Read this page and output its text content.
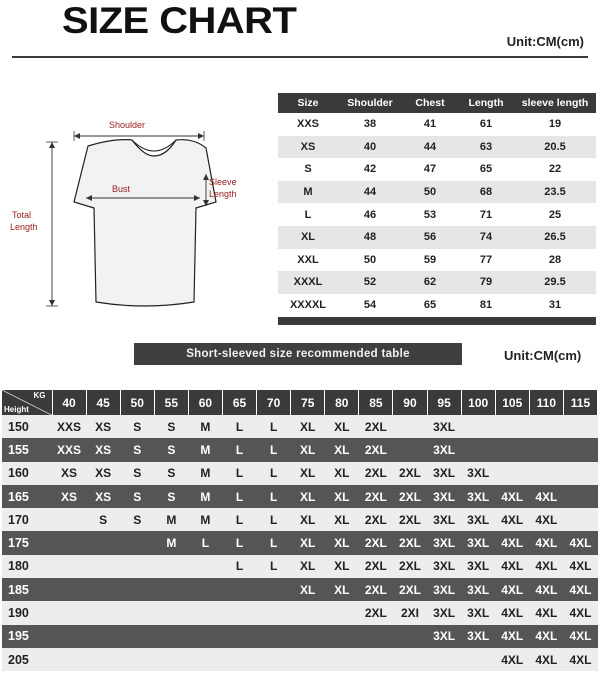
SIZE CHART
Unit:CM(cm)
Shoulder
Bust
Sleeve
Length
Total
Length
Size	Shoulder	Chest	Length	sleeve length
XXS	38	41	61	19
XS	40	44	63	20.5
S	42	47	65	22
M	44	50	68	23.5
L	46	53	71	25
XL	48	56	74	26.5
XXL	50	59	77	28
XXXL	52	62	79	29.5
XXXXL	54	65	81	31
Short-sleeved size recommended table	Unit:CM(cm)
KG
Height	40	45	50	55	60	65	70	75	80	85	90	95	100	105	110	115
150	XXS	XS	S	S	M	L	L	XL	XL	2XL		3XL				
155	XXS	XS	S	S	M	L	L	XL	XL	2XL		3XL				
160	XS	XS	S	S	M	L	L	XL	XL	2XL	2XL	3XL	3XL			
165	XS	XS	S	S	M	L	L	XL	XL	2XL	2XL	3XL	3XL	4XL	4XL	
170		S	S	M	M	L	L	XL	XL	2XL	2XL	3XL	3XL	4XL	4XL	
175				M	L	L	L	XL	XL	2XL	2XL	3XL	3XL	4XL	4XL	4XL
180						L	L	XL	XL	2XL	2XL	3XL	3XL	4XL	4XL	4XL
185								XL	XL	2XL	2XL	3XL	3XL	4XL	4XL	4XL
190										2XL	2XI	3XL	3XL	4XL	4XL	4XL
195												3XL	3XL	4XL	4XL	4XL
205														4XL	4XL	4XL
